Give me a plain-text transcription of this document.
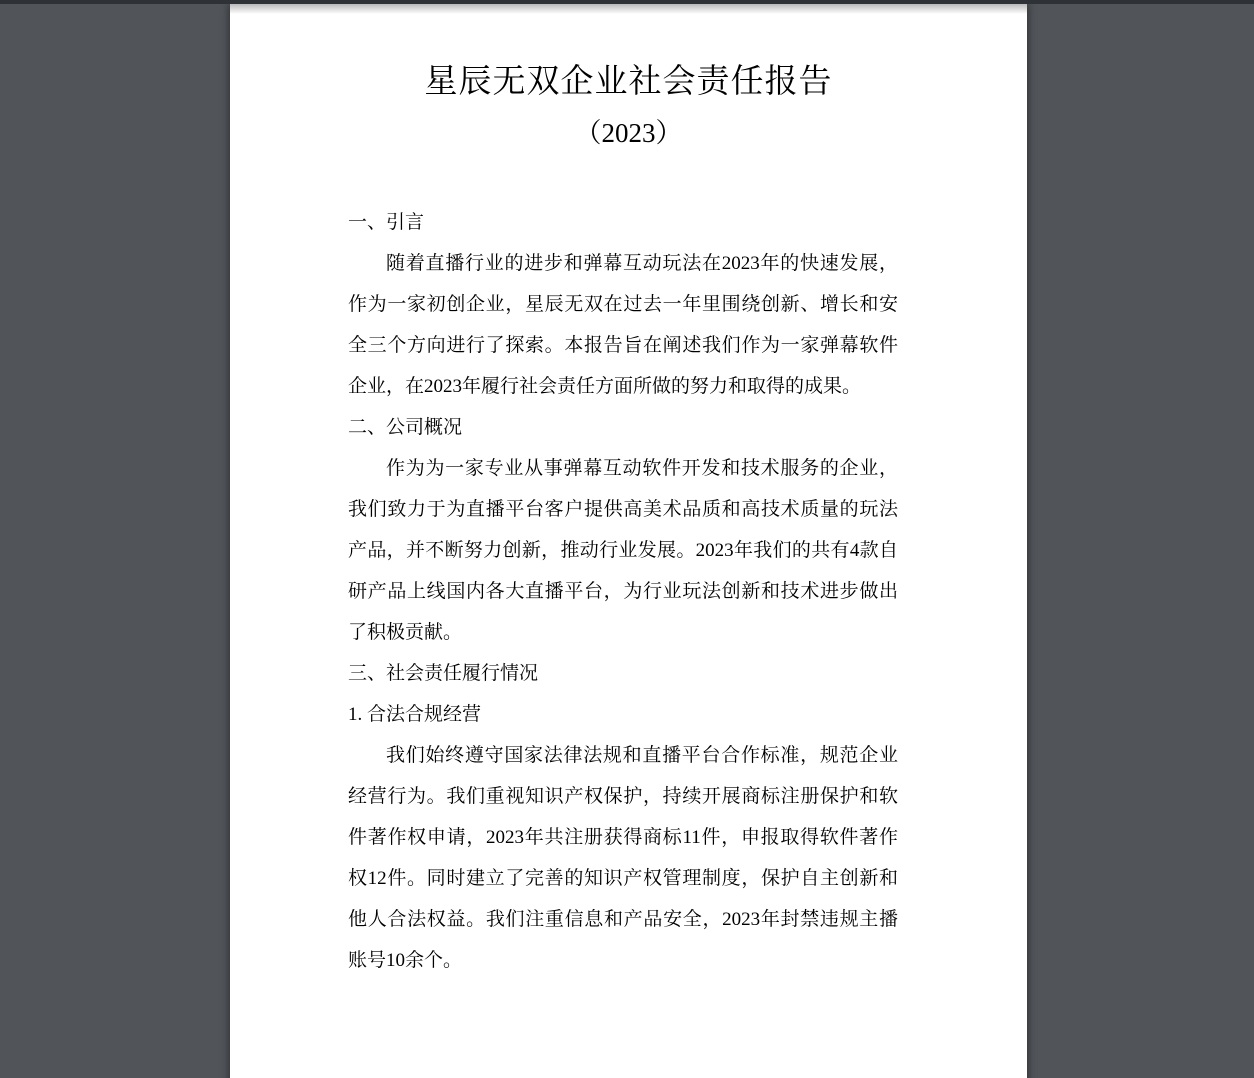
星辰无双企业社会责任报告
（2023）
一、引言

随着直播行业的进步和弹幕互动玩法在2023年的快速发展，作为一家初创企业，星辰无双在过去一年里围绕创新、增长和安全三个方向进行了探索。本报告旨在阐述我们作为一家弹幕软件企业，在2023年履行社会责任方面所做的努力和取得的成果。

二、公司概况

作为为一家专业从事弹幕互动软件开发和技术服务的企业，我们致力于为直播平台客户提供高美术品质和高技术质量的玩法产品，并不断努力创新，推动行业发展。2023年我们的共有4款自研产品上线国内各大直播平台，为行业玩法创新和技术进步做出了积极贡献。

三、社会责任履行情况
1. 合法合规经营

我们始终遵守国家法律法规和直播平台合作标准，规范企业经营行为。我们重视知识产权保护，持续开展商标注册保护和软件著作权申请，2023年共注册获得商标11件，申报取得软件著作权12件。同时建立了完善的知识产权管理制度，保护自主创新和他人合法权益。我们注重信息和产品安全，2023年封禁违规主播账号10余个。
